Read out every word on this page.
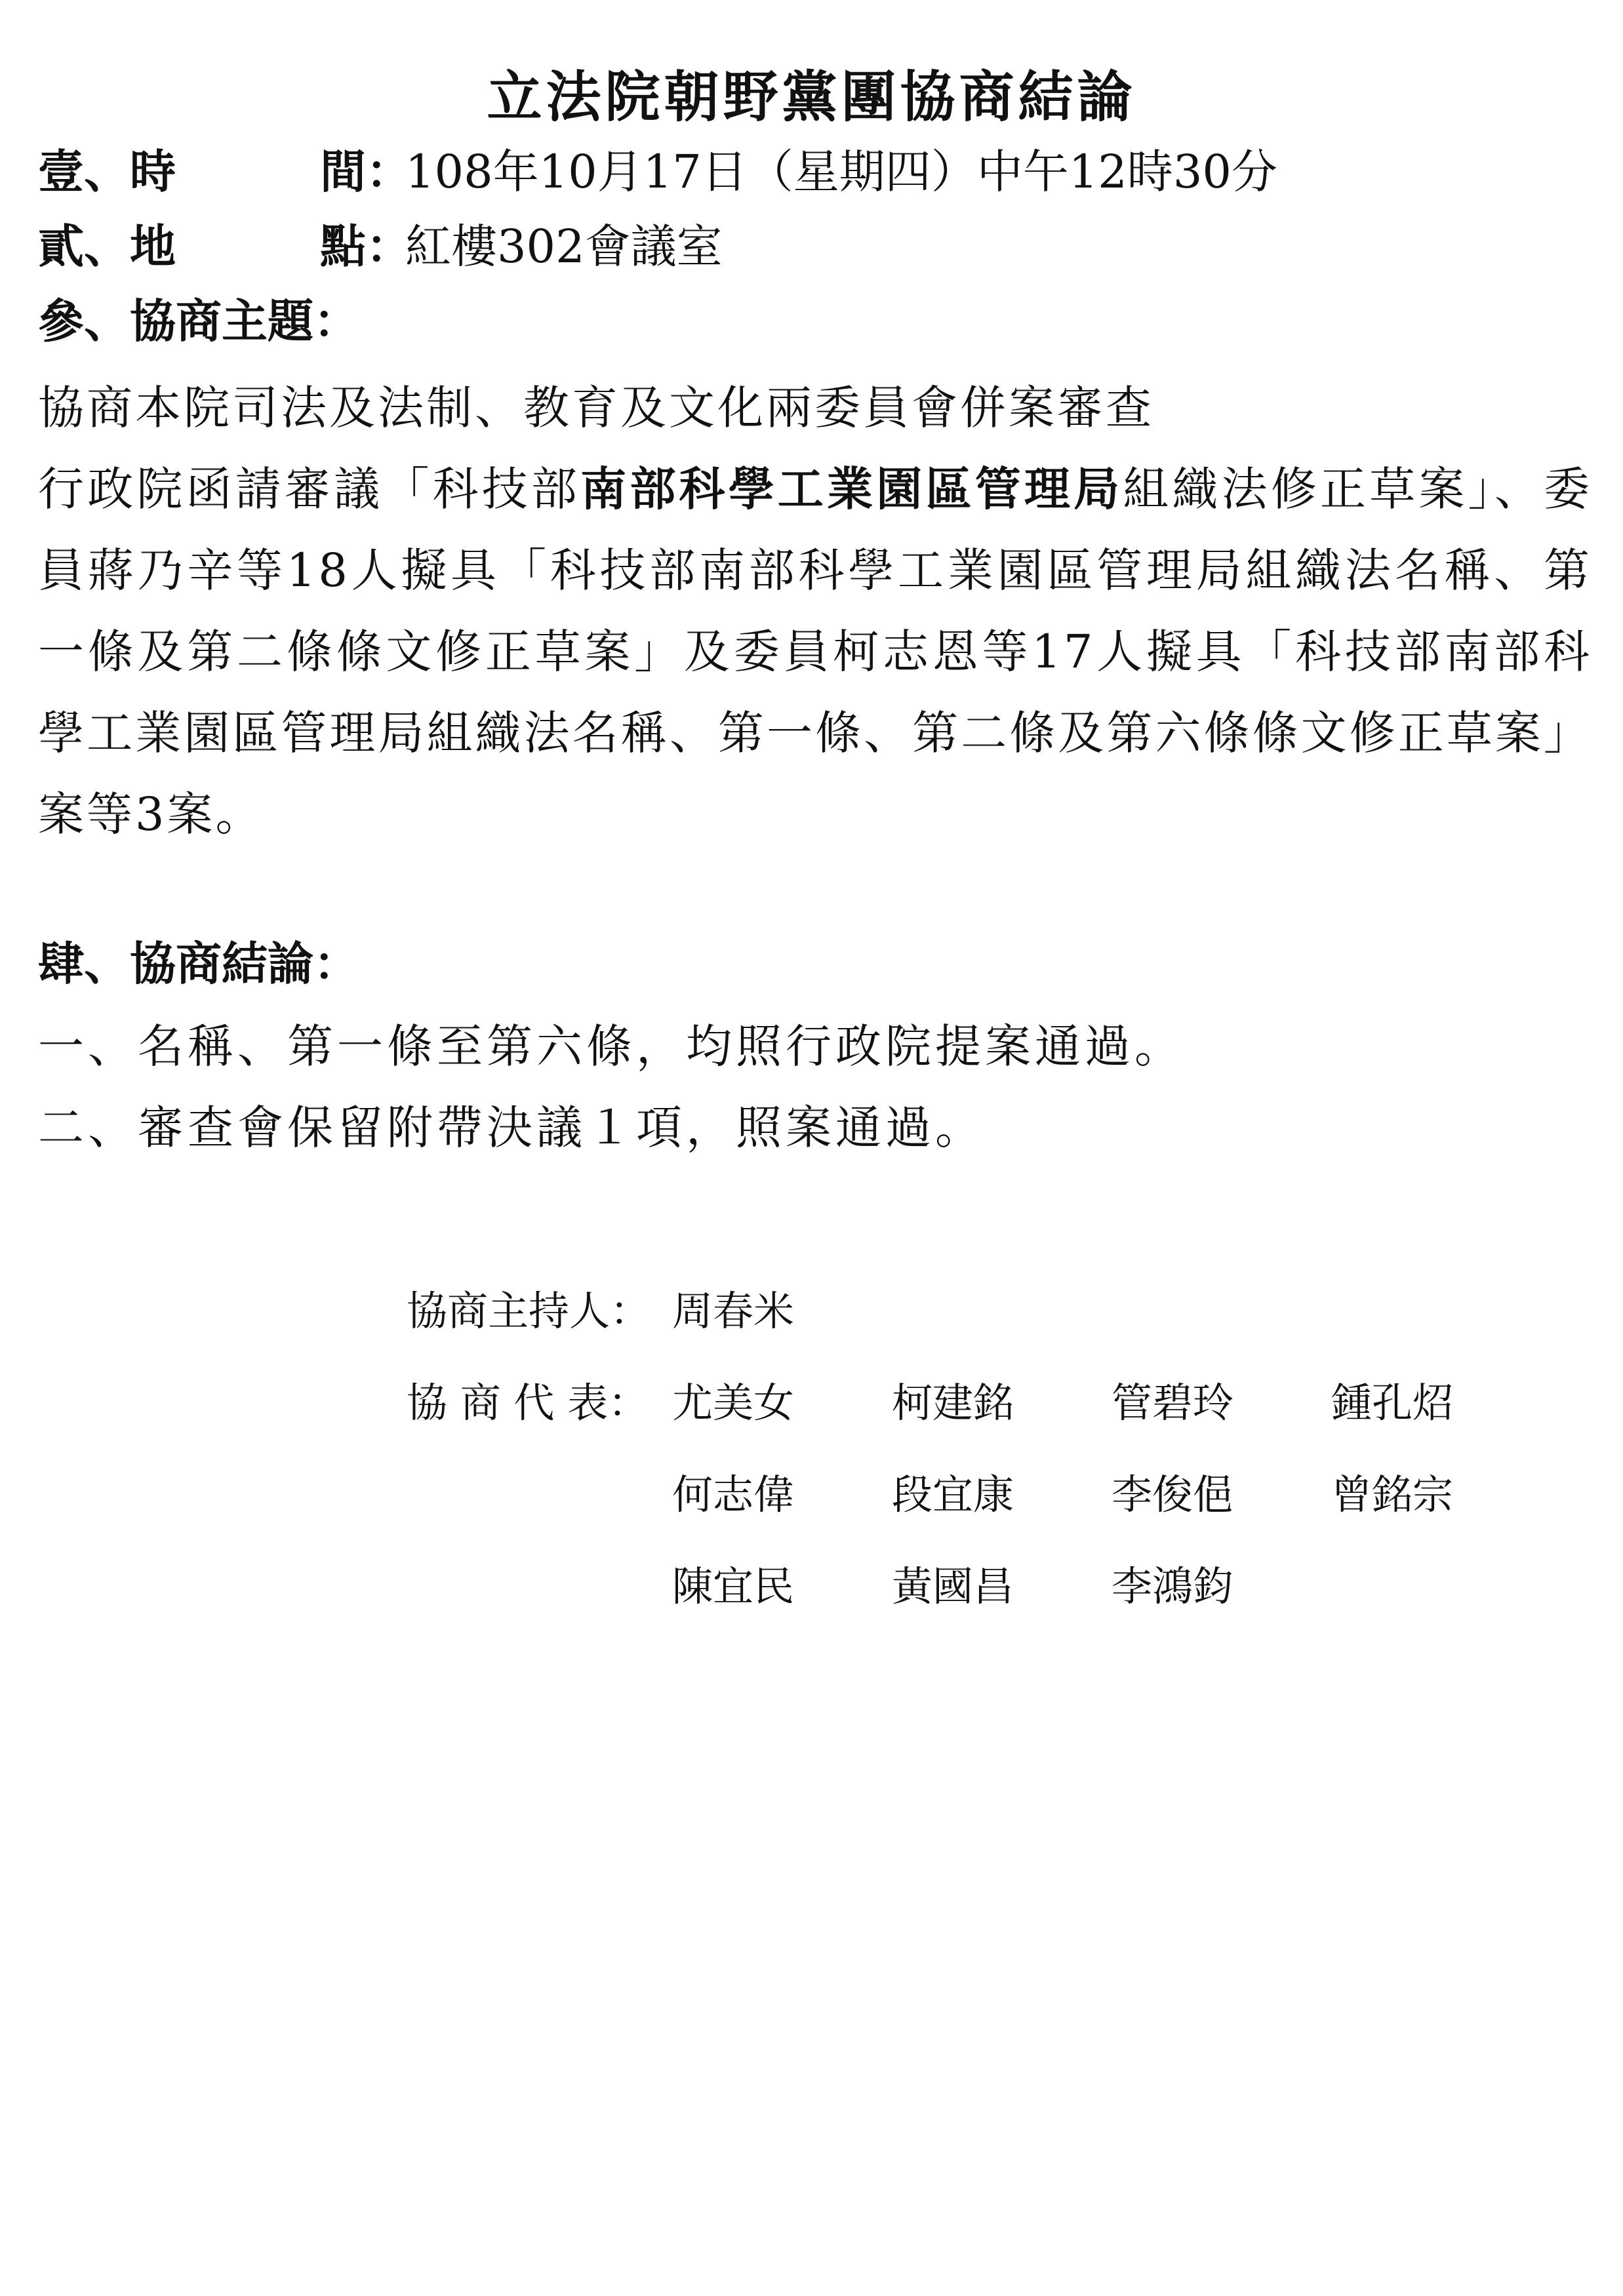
立法院朝野黨團協商結論
壹、時	間：108年10月17日（星期四）中午12時30分
貳、地	點：紅樓302會議室
參、協商主題：
協商本院司法及法制、教育及文化兩委員會併案審查
行政院函請審議「科技部南部科學工業園區管理局組織法修正草案」、委員蔣乃辛等18人擬具「科技部南部科學工業園區管理局組織法名稱、第一條及第二條條文修正草案」及委員柯志恩等17人擬具「科技部南部科學工業園區管理局組織法名稱、第一條、第二條及第六條條文修正草案」案等3案。
肆、協商結論：
一、名稱、第一條至第六條，均照行政院提案通過。
二、審查會保留附帶決議１項，照案通過。
協商主持人： 周春米
協 商 代 表： 尤美女 柯建銘 管碧玲 鍾孔炤
何志偉 段宜康 李俊俋 曾銘宗
陳宜民 黃國昌 李鴻鈞
